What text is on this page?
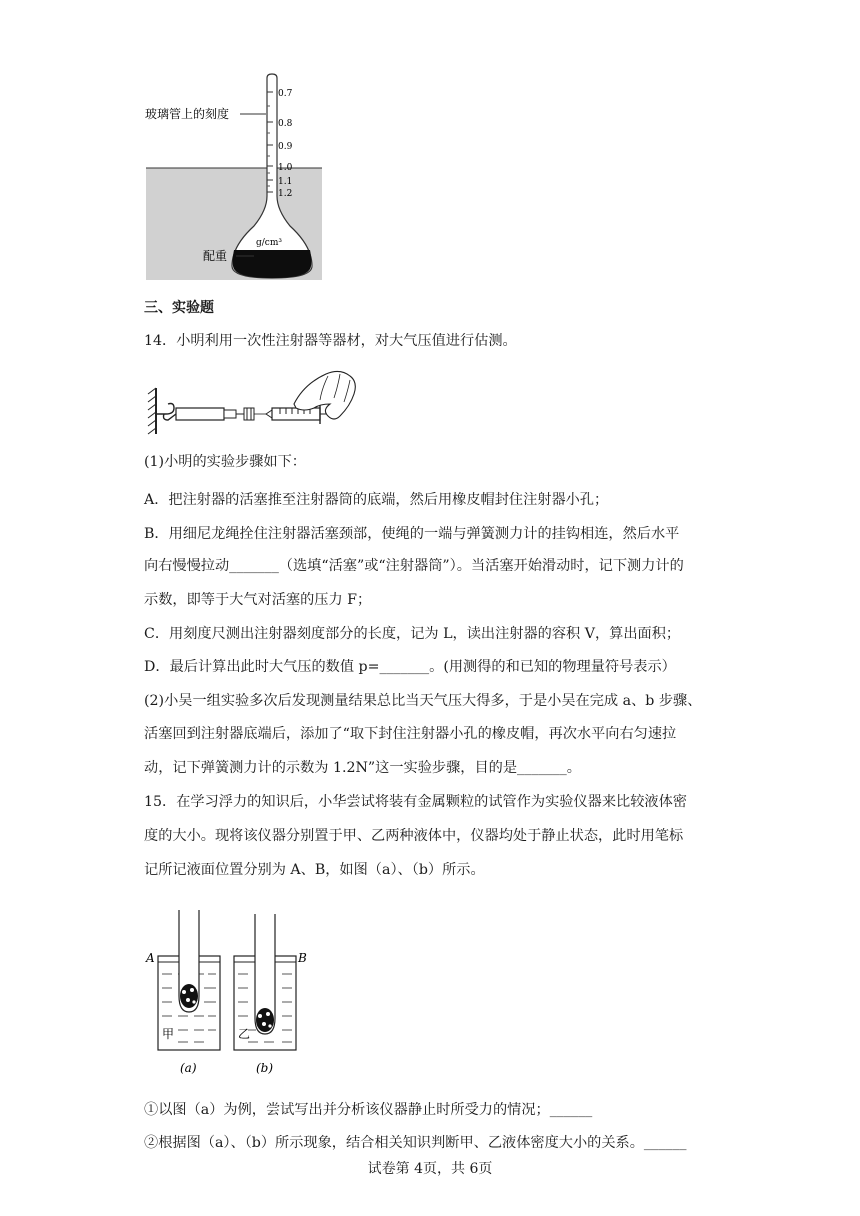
0.7
0.8
0.9
1.0
1.1
1.2
g/cm³
玻璃管上的刻度
配重
三、实验题
14．小明利用一次性注射器等器材，对大气压值进行估测。
(1)小明的实验步骤如下：
A．把注射器的活塞推至注射器筒的底端，然后用橡皮帽封住注射器小孔；
B．用细尼龙绳拴住注射器活塞颈部，使绳的一端与弹簧测力计的挂钩相连，然后水平
向右慢慢拉动_______（选填“活塞”或“注射器筒”）。当活塞开始滑动时，记下测力计的
示数，即等于大气对活塞的压力 F；
C．用刻度尺测出注射器刻度部分的长度，记为 L，读出注射器的容积 V，算出面积；
D．最后计算出此时大气压的数值 p=_______。(用测得的和已知的物理量符号表示）
(2)小吴一组实验多次后发现测量结果总比当天气压大得多，于是小吴在完成 a、b 步骤、
活塞回到注射器底端后，添加了“取下封住注射器小孔的橡皮帽，再次水平向右匀速拉
动，记下弹簧测力计的示数为 1.2N”这一实验步骤，目的是_______。
15．在学习浮力的知识后，小华尝试将装有金属颗粒的试管作为实验仪器来比较液体密
度的大小。现将该仪器分别置于甲、乙两种液体中，仪器均处于静止状态，此时用笔标
记所记液面位置分别为 A、B，如图（a）、（b）所示。
A
甲
(a)
B
乙
(b)
①以图（a）为例，尝试写出并分析该仪器静止时所受力的情况；______
②根据图（a）、（b）所示现象，结合相关知识判断甲、乙液体密度大小的关系。______
试卷第 4页，共 6页
